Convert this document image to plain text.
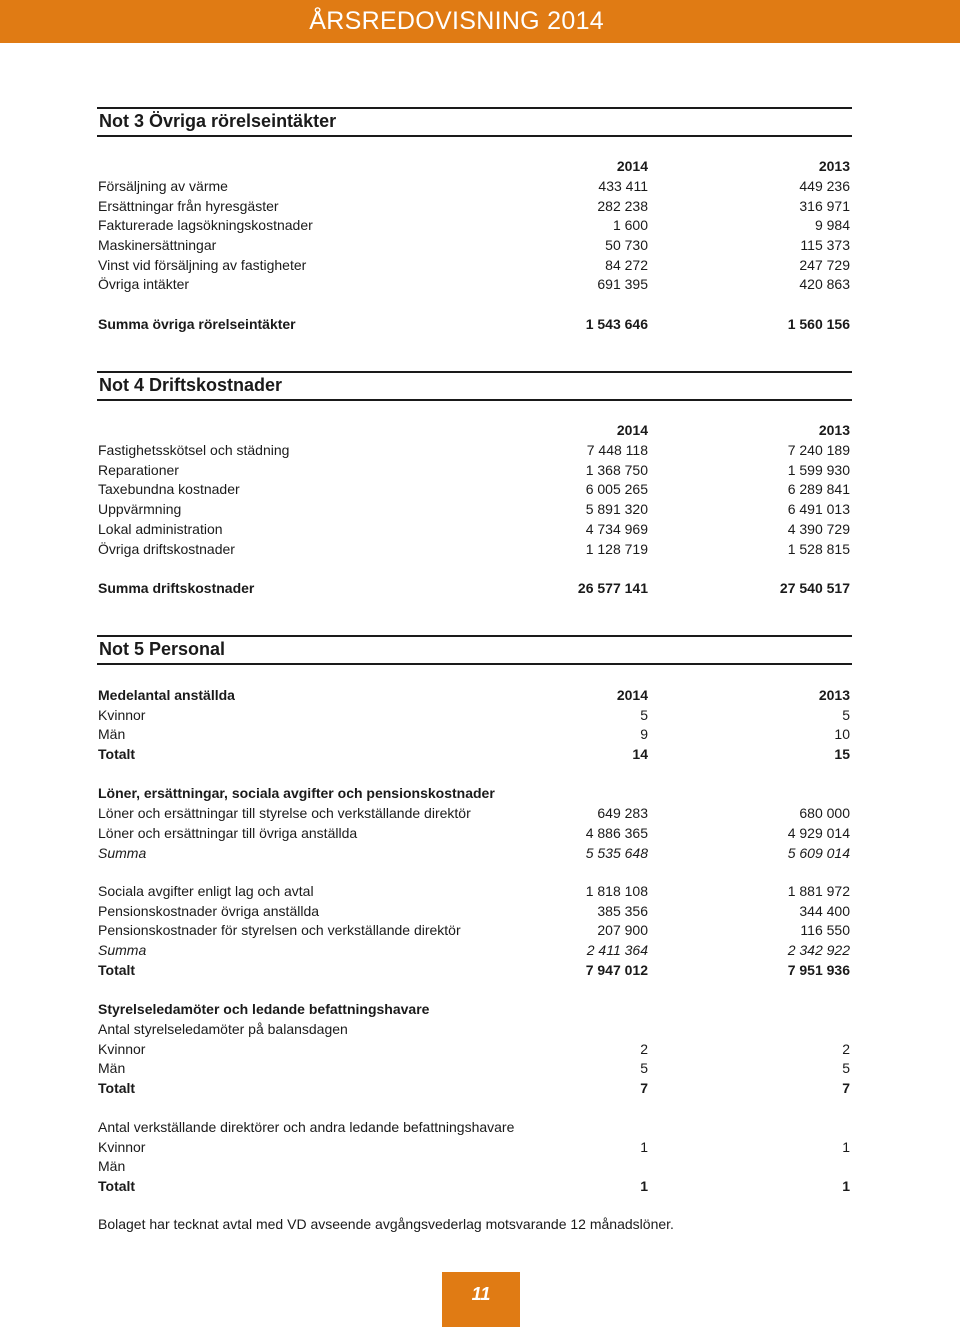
ÅRSREDOVISNING 2014
Not 3 Övriga rörelseintäkter
2014	2013
Försäljning av värme	433 411	449 236
Ersättningar från hyresgäster	282 238	316 971
Fakturerade lagsökningskostnader	1 600	9 984
Maskinersättningar	50 730	115 373
Vinst vid försäljning av fastigheter	84 272	247 729
Övriga intäkter	691 395	420 863
Summa övriga rörelseintäkter	1 543 646	1 560 156
Not 4 Driftskostnader
2014	2013
Fastighetsskötsel och städning	7 448 118	7 240 189
Reparationer	1 368 750	1 599 930
Taxebundna kostnader	6 005 265	6 289 841
Uppvärmning	5 891 320	6 491 013
Lokal administration	4 734 969	4 390 729
Övriga driftskostnader	1 128 719	1 528 815
Summa driftskostnader	26 577 141	27 540 517
Not 5 Personal
Medelantal anställda	2014	2013
Kvinnor	5	5
Män	9	10
Totalt	14	15
Löner, ersättningar, sociala avgifter och pensionskostnader
Löner och ersättningar till styrelse och verkställande direktör	649 283	680 000
Löner och ersättningar till övriga anställda	4 886 365	4 929 014
Summa	5 535 648	5 609 014
Sociala avgifter enligt lag och avtal	1 818 108	1 881 972
Pensionskostnader övriga anställda	385 356	344 400
Pensionskostnader för styrelsen och verkställande direktör	207 900	116 550
Summa	2 411 364	2 342 922
Totalt	7 947 012	7 951 936
Styrelseledamöter och ledande befattningshavare
Antal styrelseledamöter på balansdagen
Kvinnor	2	2
Män	5	5
Totalt	7	7
Antal verkställande direktörer och andra ledande befattningshavare
Kvinnor	1	1
Män
Totalt	1	1
Bolaget har tecknat avtal med VD avseende avgångsvederlag motsvarande 12 månadslöner.
11
